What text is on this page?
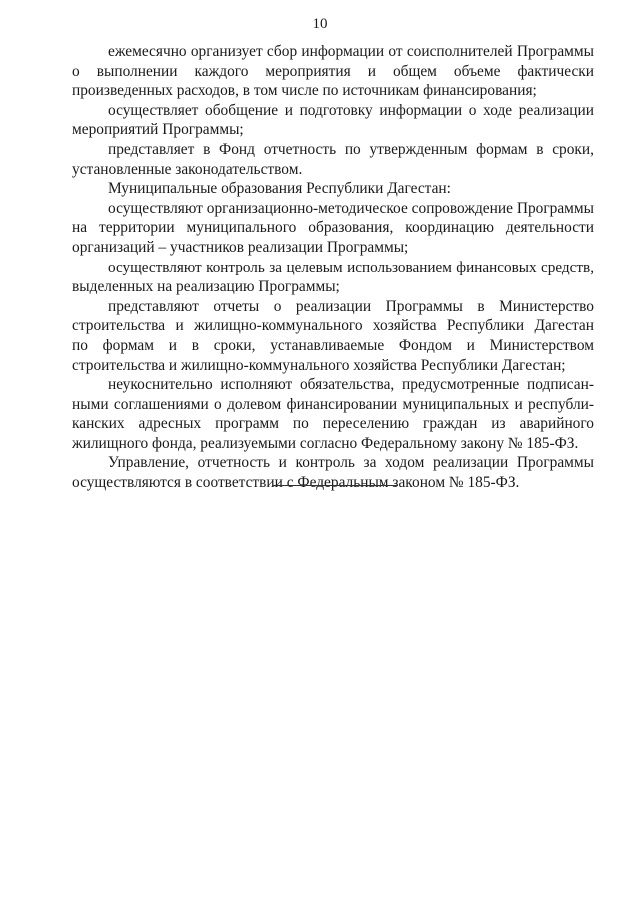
10
ежемесячно организует сбор информации от соисполнителей Программы
о выполнении каждого мероприятия и общем объеме фактически
произведенных расходов, в том числе по источникам финансирования;
осуществляет обобщение и подготовку информации о ходе реализации
мероприятий Программы;
представляет в Фонд отчетность по утвержденным формам в сроки,
установленные законодательством.
Муниципальные образования Республики Дагестан:
осуществляют организационно-методическое сопровождение Программы
на территории муниципального образования, координацию деятельности
организаций – участников реализации Программы;
осуществляют контроль за целевым использованием финансовых средств,
выделенных на реализацию Программы;
представляют отчеты о реализации Программы в Министерство
строительства и жилищно-коммунального хозяйства Республики Дагестан
по формам и в сроки, устанавливаемые Фондом и Министерством
строительства и жилищно-коммунального хозяйства Республики Дагестан;
неукоснительно исполняют обязательства, предусмотренные подписан-
ными соглашениями о долевом финансировании муниципальных и республи-
канских адресных программ по переселению граждан из аварийного
жилищного фонда, реализуемыми согласно Федеральному закону № 185-ФЗ.
Управление, отчетность и контроль за ходом реализации Программы
осуществляются в соответствии с Федеральным законом № 185-ФЗ.
